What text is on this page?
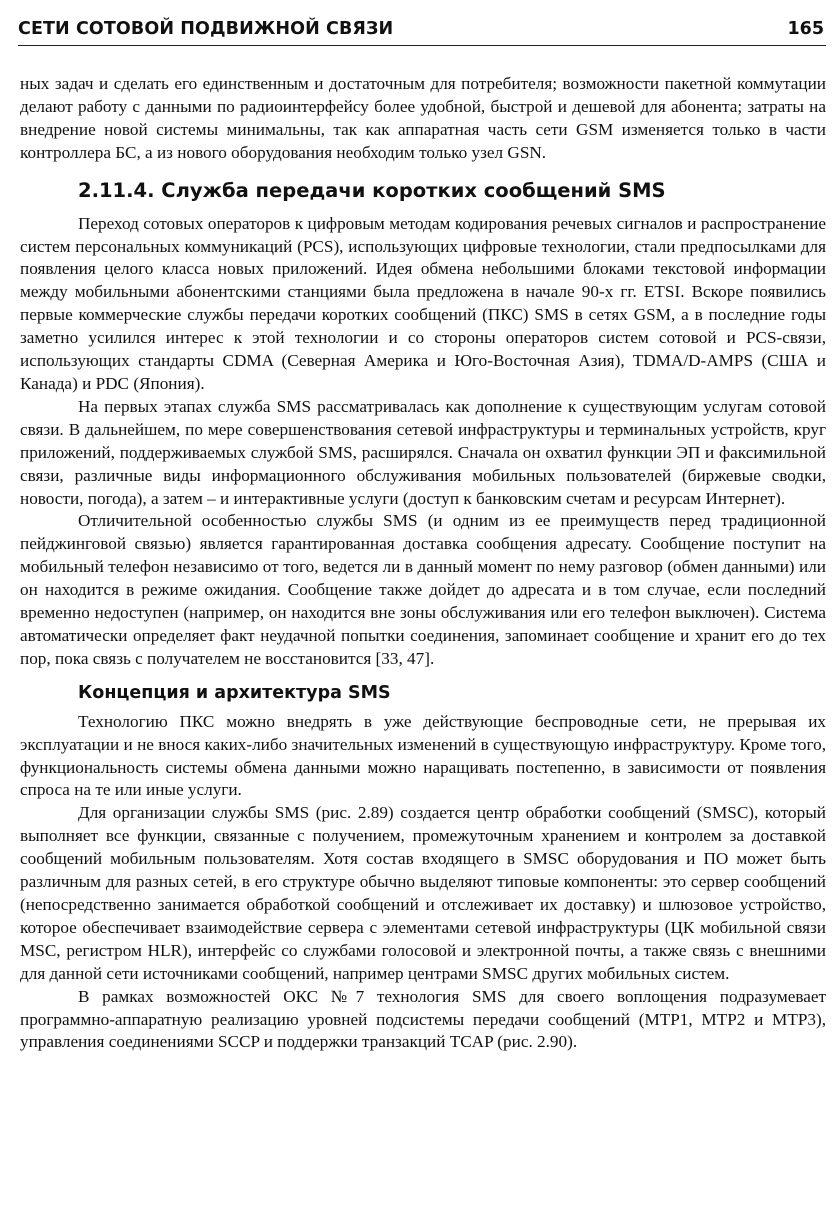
СЕТИ СОТОВОЙ ПОДВИЖНОЙ СВЯЗИ	165

ных задач и сделать его единственным и достаточным для потребителя; возможности пакетной коммутации делают работу с данными по радиоинтерфейсу более удобной, быстрой и дешевой для абонента; затраты на внедрение новой системы минимальны, так как аппаратная часть сети GSM изменяется только в части контроллера БС, а из нового оборудования необходим только узел GSN.

2.11.4. Служба передачи коротких сообщений SMS

Переход сотовых операторов к цифровым методам кодирования речевых сигналов и распространение систем персональных коммуникаций (PCS), использующих цифровые технологии, стали предпосылками для появления целого класса новых приложений. Идея обмена небольшими блоками текстовой информации между мобильными абонентскими станциями была предложена в начале 90-х гг. ETSI. Вскоре появились первые коммерческие службы передачи коротких сообщений (ПКС) SMS в сетях GSM, а в последние годы заметно усилился интерес к этой технологии и со стороны операторов систем сотовой и PCS-связи, использующих стандарты CDMA (Северная Америка и Юго-Восточная Азия), TDMA/D-AMPS (США и Канада) и PDC (Япония).

На первых этапах служба SMS рассматривалась как дополнение к существующим услугам сотовой связи. В дальнейшем, по мере совершенствования сетевой инфраструктуры и терминальных устройств, круг приложений, поддерживаемых службой SMS, расширялся. Сначала он охватил функции ЭП и факсимильной связи, различные виды информационного обслуживания мобильных пользователей (биржевые сводки, новости, погода), а затем – и интерактивные услуги (доступ к банковским счетам и ресурсам Интернет).

Отличительной особенностью службы SMS (и одним из ее преимуществ перед традиционной пейджинговой связью) является гарантированная доставка сообщения адресату. Сообщение поступит на мобильный телефон независимо от того, ведется ли в данный момент по нему разговор (обмен данными) или он находится в режиме ожидания. Сообщение также дойдет до адресата и в том случае, если последний временно недоступен (например, он находится вне зоны обслуживания или его телефон выключен). Система автоматически определяет факт неудачной попытки соединения, запоминает сообщение и хранит его до тех пор, пока связь с получателем не восстановится [33, 47].

Концепция и архитектура SMS

Технологию ПКС можно внедрять в уже действующие беспроводные сети, не прерывая их эксплуатации и не внося каких-либо значительных изменений в существующую инфраструктуру. Кроме того, функциональность системы обмена данными можно наращивать постепенно, в зависимости от появления спроса на те или иные услуги.

Для организации службы SMS (рис. 2.89) создается центр обработки сообщений (SMSC), который выполняет все функции, связанные с получением, промежуточным хранением и контролем за доставкой сообщений мобильным пользователям. Хотя состав входящего в SMSC оборудования и ПО может быть различным для разных сетей, в его структуре обычно выделяют типовые компоненты: это сервер сообщений (непосредственно занимается обработкой сообщений и отслеживает их доставку) и шлюзовое устройство, которое обеспечивает взаимодействие сервера с элементами сетевой инфраструктуры (ЦК мобильной связи MSC, регистром HLR), интерфейс со службами голосовой и электронной почты, а также связь с внешними для данной сети источниками сообщений, например центрами SMSC других мобильных систем.

В рамках возможностей ОКС №7 технология SMS для своего воплощения подразумевает программно-аппаратную реализацию уровней подсистемы передачи сообщений (MTP1, MTP2 и MTP3), управления соединениями SCCP и поддержки транзакций TCAP (рис. 2.90).
